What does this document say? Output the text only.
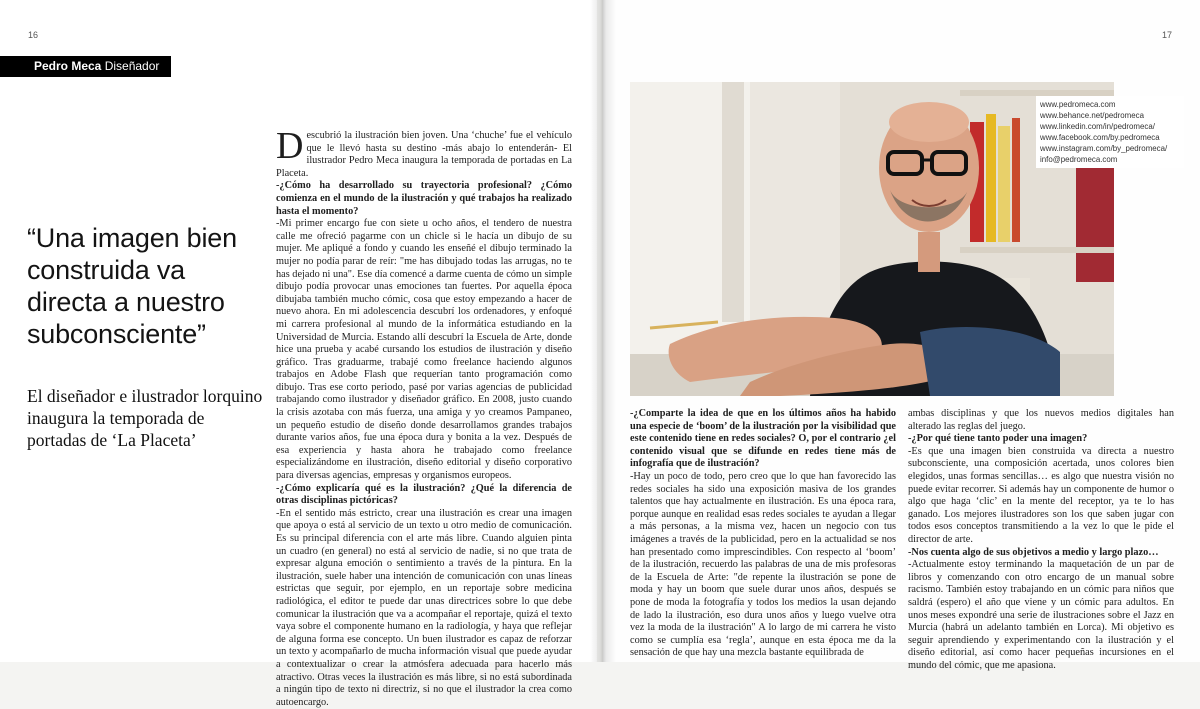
16
Pedro Meca Diseñador
“Una imagen bien construida va directa a nuestro subconsciente”
El diseñador e ilustrador lorquino inaugura la temporada de portadas de ‘La Placeta’

Descubrió la ilustración bien joven. Una ‘chuche’ fue el vehículo que le llevó hasta su destino -más abajo lo entenderán- El ilustrador Pedro Meca inaugura la temporada de portadas en La Placeta.

-¿Cómo ha desarrollado su trayectoria profesional? ¿Cómo comienza en el mundo de la ilustración y qué trabajos ha realizado hasta el momento?

-Mi primer encargo fue con siete u ocho años, el tendero de nuestra calle me ofreció pagarme con un chicle si le hacía un dibujo de su mujer. Me apliqué a fondo y cuando les enseñé el dibujo terminado la mujer no podía parar de reír: "me has dibujado todas las arrugas, no te has dejado ni una". Ese día comencé a darme cuenta de cómo un simple dibujo podía provocar unas emociones tan fuertes. Por aquella época dibujaba también mucho cómic, cosa que estoy empezando a hacer de nuevo ahora. En mi adolescencia descubrí los ordenadores, y enfoqué mi carrera profesional al mundo de la informática estudiando en la Universidad de Murcia. Estando allí descubrí la Escuela de Arte, donde hice una prueba y acabé cursando los estudios de ilustración y diseño gráfico. Tras graduarme, trabajé como freelance haciendo algunos trabajos en Adobe Flash que requerían tanto programación como dibujo. Tras ese corto periodo, pasé por varias agencias de publicidad trabajando como ilustrador y diseñador gráfico. En 2008, justo cuando la crisis azotaba con más fuerza, una amiga y yo creamos Pampaneo, un pequeño estudio de diseño donde desarrollamos grandes trabajos durante varios años, fue una época dura y bonita a la vez. Después de esa experiencia y hasta ahora he trabajado como freelance especializándome en ilustración, diseño editorial y diseño corporativo para diversas agencias, empresas y organismos europeos.

-¿Cómo explicaría qué es la ilustración? ¿Qué la diferencia de otras disciplinas pictóricas?

-En el sentido más estricto, crear una ilustración es crear una imagen que apoya o está al servicio de un texto u otro medio de comunicación. Es su principal diferencia con el arte más libre. Cuando alguien pinta un cuadro (en general) no está al servicio de nadie, si no que trata de expresar alguna emoción o sentimiento a través de la pintura. En la ilustración, suele haber una intención de comunicación con unas líneas estrictas que seguir, por ejemplo, en un reportaje sobre medicina radiológica, el editor te puede dar unas directrices sobre lo que debe comunicar la ilustración que va a acompañar el reportaje, quizá el texto vaya sobre el componente humano en la radiología, y haya que reflejar de alguna forma ese concepto. Un buen ilustrador es capaz de reforzar un texto y acompañarlo de mucha información visual que puede ayudar a contextualizar o crear la atmósfera adecuada para hacerlo más atractivo. Otras veces la ilustración es más libre, si no está subordinada a ningún tipo de texto ni directriz, si no que el ilustrador la crea como autoencargo.

17
www.pedromeca.com
www.behance.net/pedromeca
www.linkedin.com/in/pedromeca/
www.facebook.com/by.pedromeca
www.instagram.com/by_pedromeca/
info@pedromeca.com

-¿Comparte la idea de que en los últimos años ha habido una especie de ‘boom’ de la ilustración por la visibilidad que este contenido tiene en redes sociales? O, por el contrario ¿el contenido visual que se difunde en redes tiene más de infografía que de ilustración?

-Hay un poco de todo, pero creo que lo que han favorecido las redes sociales ha sido una exposición masiva de los grandes talentos que hay actualmente en ilustración. Es una época rara, porque aunque en realidad esas redes sociales te ayudan a llegar a más personas, a la misma vez, hacen un negocio con tus imágenes a través de la publicidad, pero en la actualidad se nos han presentado como imprescindibles. Con respecto al ‘boom’ de la ilustración, recuerdo las palabras de una de mis profesoras de la Escuela de Arte: "de repente la ilustración se pone de moda y hay un boom que suele durar unos años, después se pone de moda la fotografía y todos los medios la usan dejando de lado la ilustración, eso dura unos años y luego vuelve otra vez la moda de la ilustración" A lo largo de mi carrera he visto como se cumplía esa ‘regla’, aunque en esta época me da la sensación de que hay una mezcla bastante equilibrada de

ambas disciplinas y que los nuevos medios digitales han alterado las reglas del juego.

-¿Por qué tiene tanto poder una imagen?

-Es que una imagen bien construida va directa a nuestro subconsciente, una composición acertada, unos colores bien elegidos, unas formas sencillas… es algo que nuestra visión no puede evitar recorrer. Si además hay un componente de humor o algo que haga ‘clic’ en la mente del receptor, ya te lo has ganado. Los mejores ilustradores son los que saben jugar con todos esos conceptos transmitiendo a la vez lo que le pide el director de arte.

-Nos cuenta algo de sus objetivos a medio y largo plazo…

-Actualmente estoy terminando la maquetación de un par de libros y comenzando con otro encargo de un manual sobre racismo. También estoy trabajando en un cómic para niños que saldrá (espero) el año que viene y un cómic para adultos. En unos meses expondré una serie de ilustraciones sobre el Jazz en Murcia (habrá un adelanto también en Lorca). Mi objetivo es seguir aprendiendo y experimentando con la ilustración y el diseño editorial, así como hacer pequeñas incursiones en el mundo del cómic, que me apasiona.
